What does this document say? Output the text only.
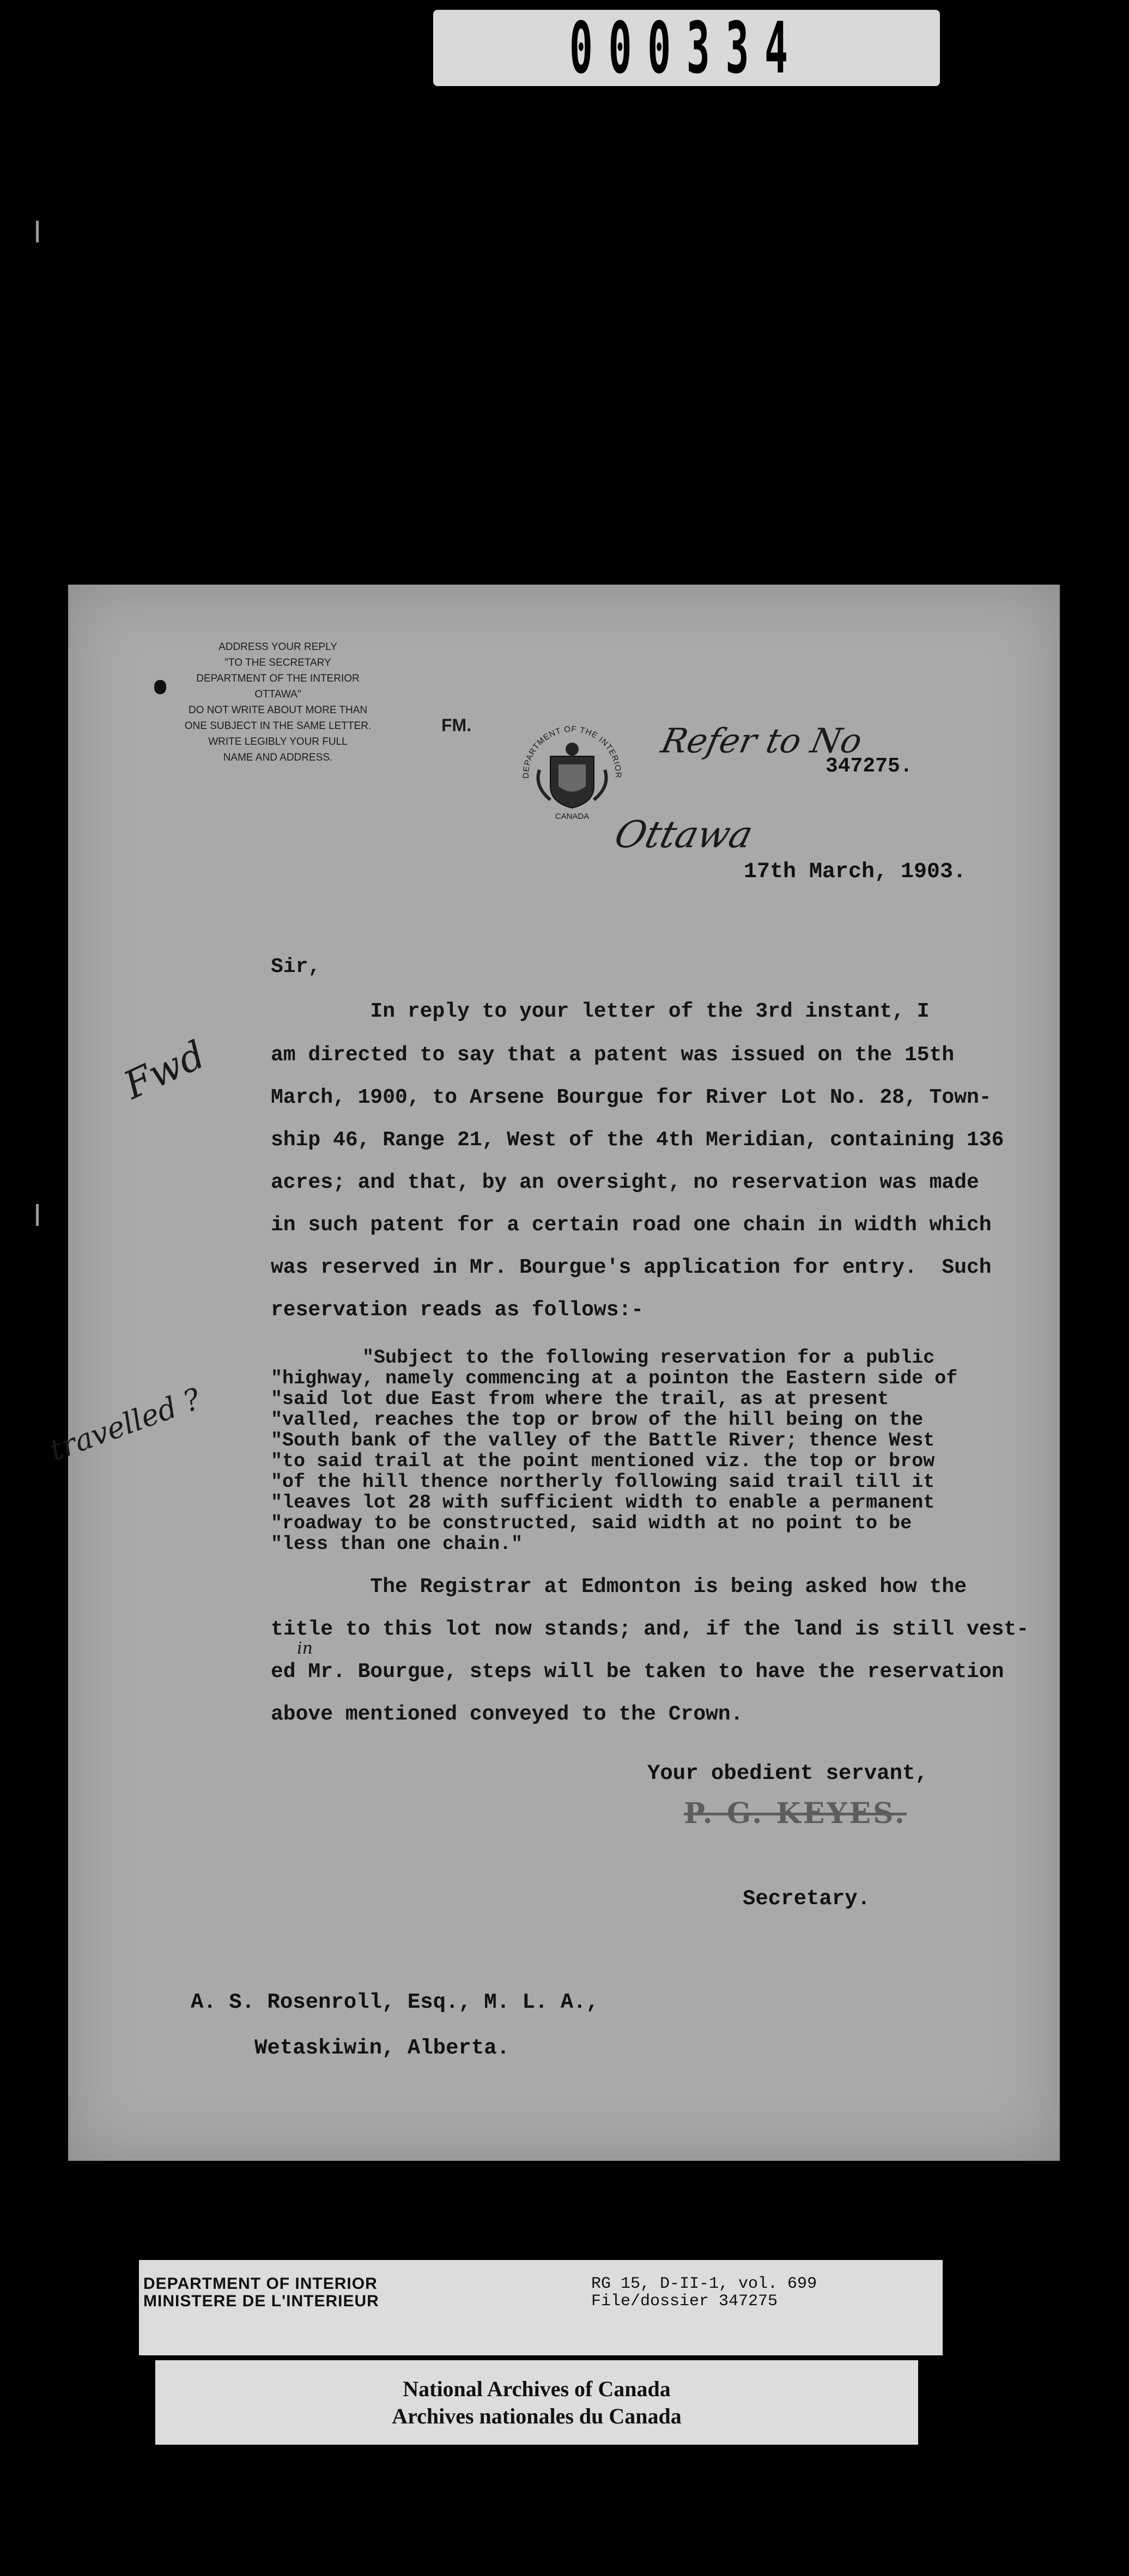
000334
ADDRESS YOUR REPLY
"TO THE SECRETARY
DEPARTMENT OF THE INTERIOR
OTTAWA"
DO NOT WRITE ABOUT MORE THAN
ONE SUBJECT IN THE SAME LETTER.
WRITE LEGIBLY YOUR FULL
NAME AND ADDRESS.
FM.
DEPARTMENT OF THE INTERIOR
CANADA
Refer to No
347275.
Ottawa
17th March, 1903.
Fwd
travelled ?
Sir,
In reply to your letter of the 3rd instant, I
am directed to say that a patent was issued on the 15th
March, 1900, to Arsene Bourgue for River Lot No. 28, Town-
ship 46, Range 21, West of the 4th Meridian, containing 136
acres; and that, by an oversight, no reservation was made
in such patent for a certain road one chain in width which
was reserved in Mr. Bourgue's application for entry.  Such
reservation reads as follows:-
"Subject to the following reservation for a public
"highway, namely commencing at a pointon the Eastern side of
"said lot due East from where the trail, as at present
"valled, reaches the top or brow of the hill being on the
"South bank of the valley of the Battle River; thence West
"to said trail at the point mentioned viz. the top or brow
"of the hill thence northerly following said trail till it
"leaves lot 28 with sufficient width to enable a permanent
"roadway to be constructed, said width at no point to be
"less than one chain."
The Registrar at Edmonton is being asked how the
title to this lot now stands; and, if the land is still vest-
in
ed Mr. Bourgue, steps will be taken to have the reservation
above mentioned conveyed to the Crown.
Your obedient servant,
P. G. KEYES.
Secretary.
A. S. Rosenroll, Esq., M. L. A.,
Wetaskiwin, Alberta.
DEPARTMENT OF INTERIOR
MINISTERE DE L'INTERIEUR
RG 15, D-II-1, vol. 699
File/dossier 347275
National Archives of Canada
Archives nationales du Canada
